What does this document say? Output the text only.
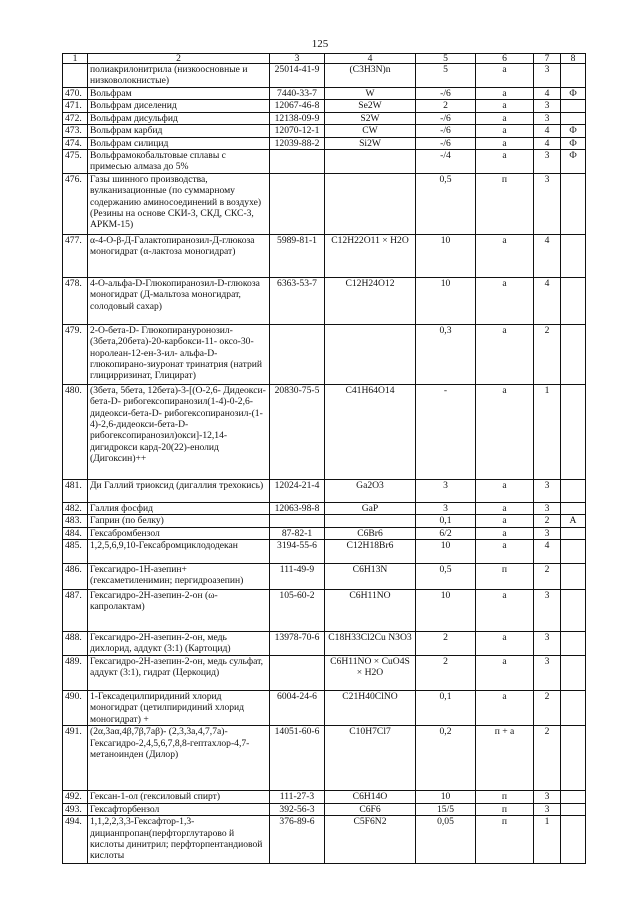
125
1	2	3	4	5	6	7	8
	полиакрилонитрила (низкоосновные и низковолокнистые)	25014-41-9	(C3H3N)n	5	а	3	
470.	Вольфрам	7440-33-7	W	-/6	а	4	Ф
471.	Вольфрам диселенид	12067-46-8	Se2W	2	а	3	
472.	Вольфрам дисульфид	12138-09-9	S2W	-/6	а	3	
473.	Вольфрам карбид	12070-12-1	CW	-/6	а	4	Ф
474.	Вольфрам силицид	12039-88-2	Si2W	-/6	а	4	Ф
475.	Вольфрамокобальтовые сплавы с примесью алмаза до 5%			-/4	а	3	Ф
476.	Газы шинного производства, вулканизационные (по суммарному содержанию аминосоединений в воздухе) (Резины на основе СКИ-3, СКД, СКС-3, АРКМ-15)			0,5	п	3	
477.	α-4-О-β-Д-Галактопиранозил-Д-глюкоза моногидрат (α-лактоза моногидрат)	5989-81-1	C12H22O11 × H2O	10	а	4	
478.	4-О-альфа-D-Глюкопиранозил-D-глюкоза моногидрат (Д-мальтоза моногидрат, солодовый сахар)	6363-53-7	C12H24O12	10	а	4	
479.	2-О-бета-D- Глюкопирануронозил-(3бета,20бета)-20-карбокси-11- оксо-30-норолеан-12-ен-3-ил- альфа-D-глюкопирано-зиуронат тринатрия (натрий глицирризинат, Глицират)			0,3	а	2	
480.	(3бета, 5бета, 12бета)-3-[(О-2,6- Дидеокси-бета-D- рибогексопиранозил(1-4)-0-2,6- дидеокси-бета-D- рибогексопиранозил-(1-4)-2,6-дидеокси-бета-D- рибогексопиранозил)окси]-12,14-дигидрокси кард-20(22)-енолид (Дигоксин)++	20830-75-5	C41H64O14	-	а	1	
481.	Ди Галлий триоксид (дигаллия трехокись)	12024-21-4	Ga2O3	3	а	3	
482.	Галлия фосфид	12063-98-8	GaP	3	а	3	
483.	Гаприн (по белку)			0,1	а	2	А
484.	Гексабромбензол	87-82-1	C6Br6	6/2	а	3	
485.	1,2,5,6,9,10-Гексабромциклододекан	3194-55-6	C12H18Br6	10	а	4	
486.	Гексагидро-1Н-азепин+ (гексаметиленимин; пергидроазепин)	111-49-9	C6H13N	0,5	п	2	
487.	Гексагидро-2Н-азепин-2-он (ω-капролактам)	105-60-2	C6H11NO	10	а	3	
488.	Гексагидро-2Н-азепин-2-он, медь дихлорид, аддукт (3:1) (Картоцид)	13978-70-6	C18H33Cl2Cu N3O3	2	а	3	
489.	Гексагидро-2Н-азепин-2-он, медь сульфат, аддукт (3:1), гидрат (Церкоцид)		C6H11NO × CuO4S × H2O	2	а	3	
490.	1-Гексадецилпиридиний хлорид моногидрат (цетилпиридиний хлорид моногидрат) +	6004-24-6	C21H40ClNO	0,1	а	2	
491.	(2α,3аα,4β,7β,7аβ)- (2,3,3а,4,7,7а)-Гексагидро-2,4,5,6,7,8,8-гептахлор-4,7-метаноинден (Дилор)	14051-60-6	C10H7Cl7	0,2	п + а	2	
492.	Гексан-1-ол (гексиловый спирт)	111-27-3	C6H14O	10	п	3	
493.	Гексафторбензол	392-56-3	C6F6	15/5	п	3	
494.	1,1,2,2,3,3-Гексафтор-1,3-дицианпропан(перфторглутарово й кислоты динитрил; перфторпентандиовой кислоты	376-89-6	C5F6N2	0,05	п	1	
